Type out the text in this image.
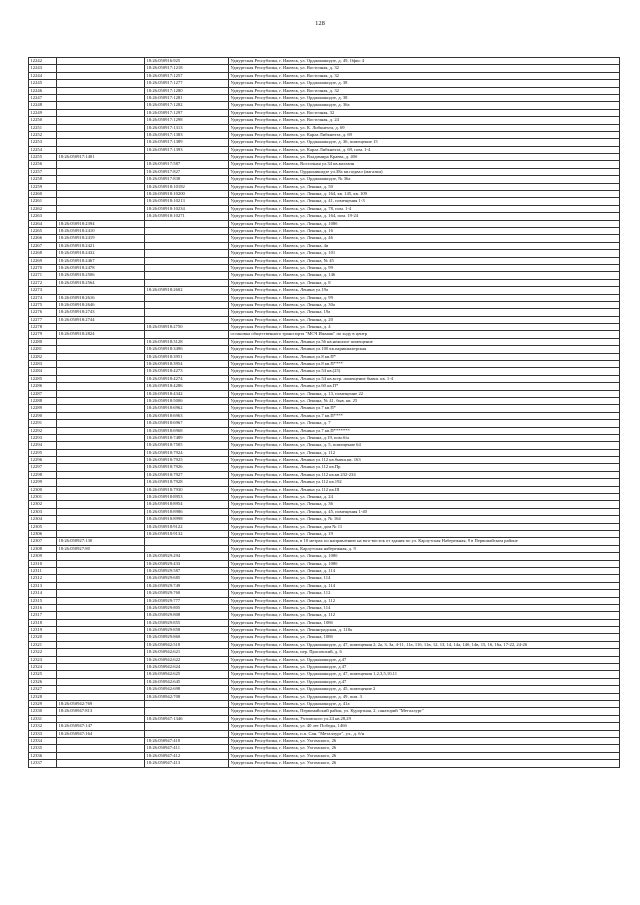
128
12242		18:26:050916:925	Удмуртская Республика, г. Ижевск, ул. Орджоникидзе, д. 49, Офис 4
12243		18:26:050917:1218	Удмуртская Республика, г. Ижевск, ул. Восточная, д. 32
12244		18:26:050917:1257	Удмуртская Республика, г. Ижевск, ул. Восточная, д. 32
12245		18:26:050917:1277	Удмуртская Республика, г. Ижевск, ул. Орджоникидзе, д. 38
12246		18:26:050917:1280	Удмуртская Республика, г. Ижевск, ул. Восточная, д. 32
12247		18:26:050917:1281	Удмуртская Республика, г. Ижевск, ул. Орджоникидзе, д. 38
12248		18:26:050917:1282	Удмуртская Республика, г. Ижевск, ул. Орджоникидзе, д. 36а
12249		18:26:050917:1297	Удмуртская Республика, г. Ижевск, ул. Восточная, 32
12250		18:26:050917:1298	Удмуртская Республика, г. Ижевск, ул. Восточная, д. 24
12251		18:26:050917:1313	Удмуртская Республика, г. Ижевск, ул. К. Либкнехта, д. 69
12252		18:26:050917:1383	Удмуртская Республика, г. Ижевск, ул. Карла Либкнехта, д. 69
12253		18:26:050917:1389	Удмуртская Республика, г. Ижевск, ул. Орджоникидзе, д. 36, помещение 15
12254		18:26:050917:1393	Удмуртская Республика, г. Ижевск, ул. Карла Либкнехта, д. 69, пом. 1-4
12255	18:26:050917:1401		Удмуртская Республика, г. Ижевск, ул. Владимира Краева, д. 40б
12256		18:26:050917:587	Удмуртская Республика, г. Ижевск, Восточная ул.34 кв.магазин
12257		18:26:050917:827	Удмуртская Республика, г. Ижевск, Орджоникидзе ул.38а кв.подвал (магазин)
12258		18:26:050917:838	Удмуртская Республика, г. Ижевск, ул. Орджоникидзе, № 36а
12259		18:26:050918:10182	Удмуртская Республика, г. Ижевск, ул. Ленина, д. 50
12260		18:26:050918:10200	Удмуртская Республика, г. Ижевск, ул. Ленина, д. 164, кв. 145, кв. 109
12261		18:26:050918:10213	Удмуртская Республика, г. Ижевск, ул. Ленина, д. 41, помещения 1-3
12262		18:26:050918:10234	Удмуртская Республика, г. Ижевск, ул. Ленина, д. 78, пом. 1-4
12263		18:26:050918:10271	Удмуртская Республика, г. Ижевск, ул. Ленина, д. 164, пом. 19-24
12264	18:26:050918:2394		Удмуртская Республика, г. Ижевск, ул. Ленина, д. 108б
12265	18:26:050918:2410		Удмуртская Республика, г. Ижевск, ул. Ленина, д. 16
12266	18:26:050918:2419		Удмуртская Республика, г. Ижевск, ул. Ленина, д. 46
12267	18:26:050918:2421		Удмуртская Республика, г. Ижевск, ул. Ленина, 4в
12268	18:26:050918:2432		Удмуртская Республика, г. Ижевск, ул. Ленина, д. 101
12269	18:26:050918:2467		Удмуртская Республика, г. Ижевск, ул. Ленина, № 45
12270	18:26:050918:2478		Удмуртская Республика, г. Ижевск, ул. Ленина, д. 99
12271	18:26:050918:2506		Удмуртская Республика, г. Ижевск, ул. Ленина, д. 146
12272	18:26:050918:2564		Удмуртская Республика, г. Ижевск, ул. Ленина, д. 8
12273		18:26:050918:2602	Удмуртская Республика, г. Ижевск, Ленина ул.19а
12274	18:26:050918:2616		Удмуртская Республика, г. Ижевск, ул. Ленина, д. 99
12275	18:26:050918:2646		Удмуртская Республика, г. Ижевск, ул. Ленина, д. 30а
12276	18:26:050918:2743		Удмуртская Республика, г. Ижевск, ул. Ленина, 19а
12277	18:26:050918:2744		Удмуртская Республика, г. Ижевск, ул. Ленина, д. 20
12278		18:26:050918:2750	Удмуртская Республика, г. Ижевск, ул. Ленина, д. 4
12279	18:26:050918:2824		остановка общественного транспорта "МСЧ Ижмаш" по ходу в центр
12280		18:26:050918:3128	Удмуртская Республика, г. Ижевск, Ленина ул.56 кв.нежилое помещение
12281		18:26:050918:3496	Удмуртская Республика, г. Ижевск, Ленина ул.100 кв.парикмахерская
12282		18:26:050918:3951	Удмуртская Республика, г. Ижевск, Ленина ул.8 кв.П*
12283		18:26:050918:3954	Удмуртская Республика, г. Ижевск, Ленина ул.8 кв.П****
12284		18:26:050918:4273	Удмуртская Республика, г. Ижевск, Ленина ул.54 кв.(25)
12285		18:26:050918:4274	Удмуртская Республика, г. Ижевск, Ленина ул.54 кв.встр. помещение бывш. кв. 1-4
12286		18:26:050918:4286	Удмуртская Республика, г. Ижевск, Ленина ул.60 кв.П*
12287		18:26:050918:4342	Удмуртская Республика, г. Ижевск, ул. Ленина, д. 13, помещение 22
12288		18:26:050918:5006	Удмуртская Республика, г. Ижевск, ул. Ленина, № 41, быв. кв. 25
12289		18:26:050918:6962	Удмуртская Республика, г. Ижевск, Ленина ул.7 кв.П*
12290		18:26:050918:6963	Удмуртская Республика, г. Ижевск, Ленина ул.7 кв.П****
12291		18:26:050918:6967	Удмуртская Республика, г. Ижевск, ул. Ленина, д. 7
12292		18:26:050918:6968	Удмуртская Республика, г. Ижевск, Ленина ул.7 кв.П*******
12293		18:26:050918:7489	Удмуртская Республика, г. Ижевск, ул. Ленина, д.19, пом.б/н
12294		18:26:050918:7505	Удмуртская Республика, г. Ижевск, ул. Ленина, д. 5, помещение 64
12295		18:26:050918:7924	Удмуртская Республика, г. Ижевск, ул. Ленина, д. 112
12296		18:26:050918:7925	Удмуртская Республика, г. Ижевск, Ленина ул.112 кв.бывш.кв. 163
12297		18:26:050918:7926	Удмуртская Республика, г. Ижевск, Ленина ул.112 кв.Пр
12298		18:26:050918:7927	Удмуртская Республика, г. Ижевск, Ленина ул.112 кв.кв.232-234
12299		18:26:050918:7928	Удмуртская Республика, г. Ижевск, Ленина ул.112 кв.192
12300		18:26:050918:7930	Удмуртская Республика, г. Ижевск, Ленина ул.112 кв.III
12301		18:26:050918:8953	Удмуртская Республика, г. Ижевск, ул. Ленина, д. 24
12302		18:26:050918:8954	Удмуртская Республика, г. Ижевск, ул. Ленина, д. 36
12303		18:26:050918:8986	Удмуртская Республика, г. Ижевск, ул. Ленина, д. 45, помещения 1-40
12304		18:26:050918:8998	Удмуртская Республика, г. Ижевск, ул. Ленина, д. № 164
12305		18:26:050918:9122	Удмуртская Республика, г. Ижевск, ул. Ленина, дом № 11
12306		18:26:050918:9132	Удмуртская Республика, г. Ижевск, ул. Ленина, д. 19
12307	18:26:050927:130		Удмуртская Республика, г. Ижевск, в 10 метрах по направлению на юго-восток от здания по ул. Карлутская Набережная, 9 в Первомайском районе
12308	18:26:050927:80		Удмуртская Республика, г. Ижевск, Карлутская набережная, д. 9
12309		18:26:050929:294	Удмуртская Республика, г. Ижевск, ул. Ленина, д. 108б
12310		18:26:050929:433	Удмуртская Республика, г. Ижевск, ул. Ленина, д. 108б
12311		18:26:050929:587	Удмуртская Республика, г. Ижевск, ул. Ленина, д. 114
12312		18:26:050929:685	Удмуртская Республика, г. Ижевск, ул. Ленина, 114
12313		18:26:050929:749	Удмуртская Республика, г. Ижевск, ул. Ленина, д. 114
12314		18:26:050929:760	Удмуртская Республика, г. Ижевск, ул. Ленина, 112
12315		18:26:050929:777	Удмуртская Республика, г. Ижевск, ул. Ленина, д. 112
12316		18:26:050929:805	Удмуртская Республика, г. Ижевск, ул. Ленина, 114
12317		18:26:050929:808	Удмуртская Республика, г. Ижевск, ул. Ленина, д. 112
12318		18:26:050929:855	Удмуртская Республика, г. Ижевск, ул. Ленина, 108б
12319		18:26:050929:858	Удмуртская Республика, г. Ижевск, ул. Ленинградская, д. 118а
12320		18:26:050929:860	Удмуртская Республика, г. Ижевск, ул. Ленина, 108б
12321		18:26:050942:510	Удмуртская Республика, г. Ижевск, ул. Орджоникидзе, д. 47, помещения 2, 2а, 3, 3а, 4-11, 11а, 11б, 11в, 12, 13, 14, 14а, 14б, 14в, 15, 16, 16а, 17-22, 24-26
12322		18:26:050942:621	Удмуртская Республика, г. Ижевск, пер. Прасовский, д. 6
12323		18:26:050942:622	Удмуртская Республика, г. Ижевск, ул. Орджоникидзе, д.47
12324		18:26:050942:624	Удмуртская Республика, г. Ижевск, ул. Орджоникидзе, д 47
12325		18:26:050942:625	Удмуртская Республика, г. Ижевск, ул. Орджоникидзе, д. 47, помещения 1,2,3,5,10,11
12326		18:26:050942:645	Удмуртская Республика, г. Ижевск, ул. Орджоникидзе, д.47
12327		18:26:050942:698	Удмуртская Республика, г. Ижевск, ул. Орджоникидзе, д. 45, помещение 2
12328		18:26:050942:708	Удмуртская Республика, г. Ижевск, ул. Орджоникидзе, д. 49, пом. 3
12329	18:26:050942:769		Удмуртская Республика, г. Ижевск, ул. Орджоникидзе, д. 41а
12330	18:26:050947:813		Удмуртская Республика, г. Ижевск, Первомайский район, ул. Курортная, 2, санаторий "Металлург"
12331		18:26:050947:1346	Удмуртская Республика, г. Ижевск, Ухтомского ул.24 кв.28,29
12332	18:26:050947:147		Удмуртская Республика, г. Ижевск, ул. 40 лет Победы, 146б
12333	18:26:050947:164		Удмуртская Республика, г. Ижевск, п.п. Сан. "Металлург", ул., д. б/н
12334		18:26:050947:410	Удмуртская Республика, г. Ижевск, ул. Ухтомского, 26
12335		18:26:050947:411	Удмуртская Республика, г. Ижевск, ул. Ухтомского, 26
12336		18:26:050947:412	Удмуртская Республика, г. Ижевск, ул. Ухтомского, 26
12337		18:26:050947:413	Удмуртская Республика, г. Ижевск, ул. Ухтомского, 26
